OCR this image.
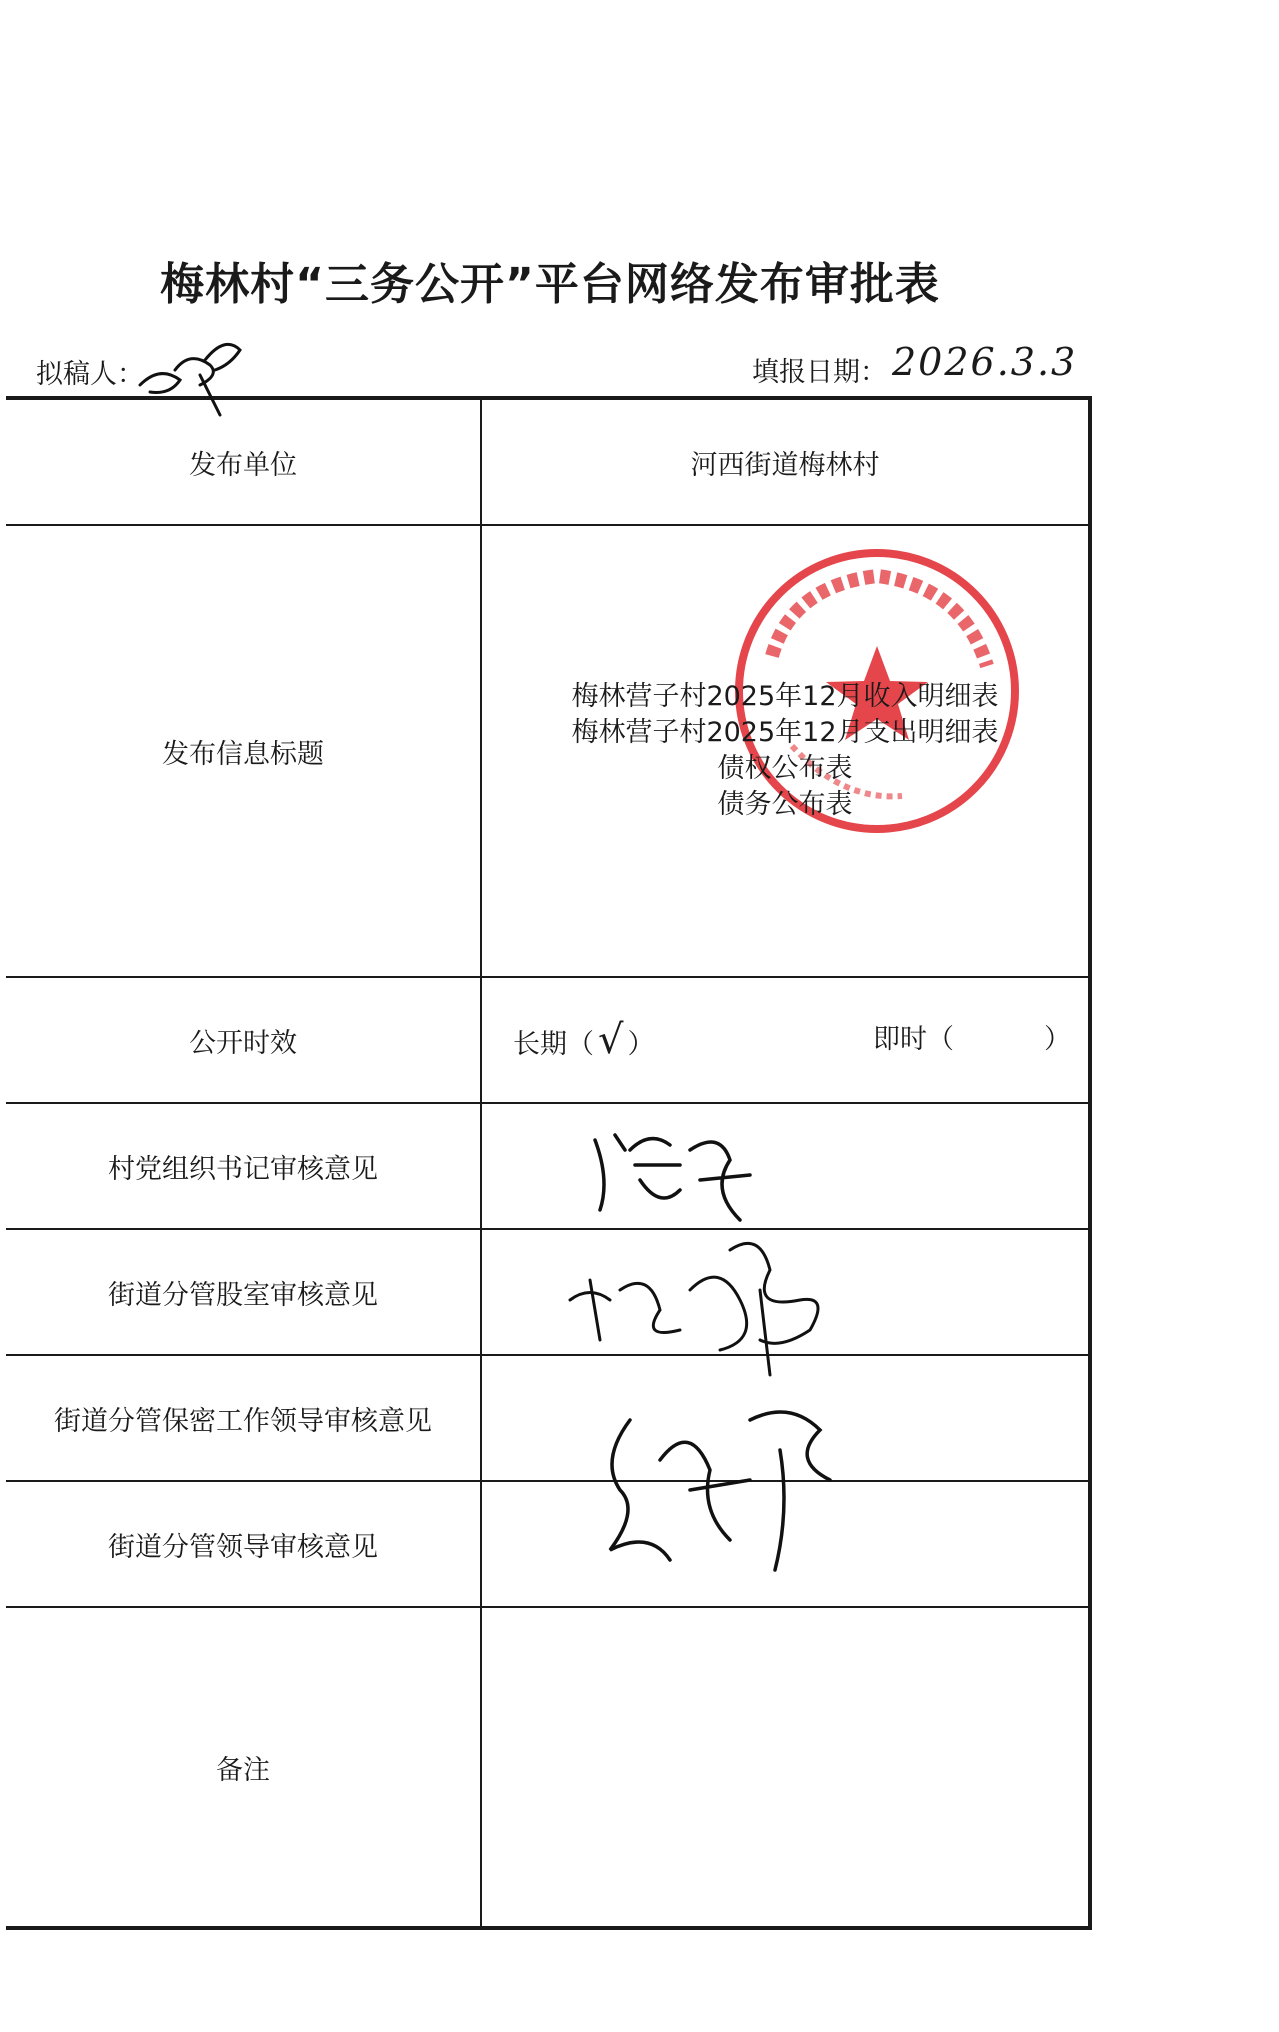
梅林村“三务公开”平台网络发布审批表
拟稿人：	填报日期： 2026.3.3
发布单位	河西街道梅林村
发布信息标题	梅林营子村2025年12月收入明细表
梅林营子村2025年12月支出明细表
债权公布表
债务公布表

公开时效	长期（ √ ） 即时（ ）

村党组织书记审核意见	
街道分管股室审核意见	
街道分管保密工作领导审核意见	
街道分管领导审核意见	
备注	
